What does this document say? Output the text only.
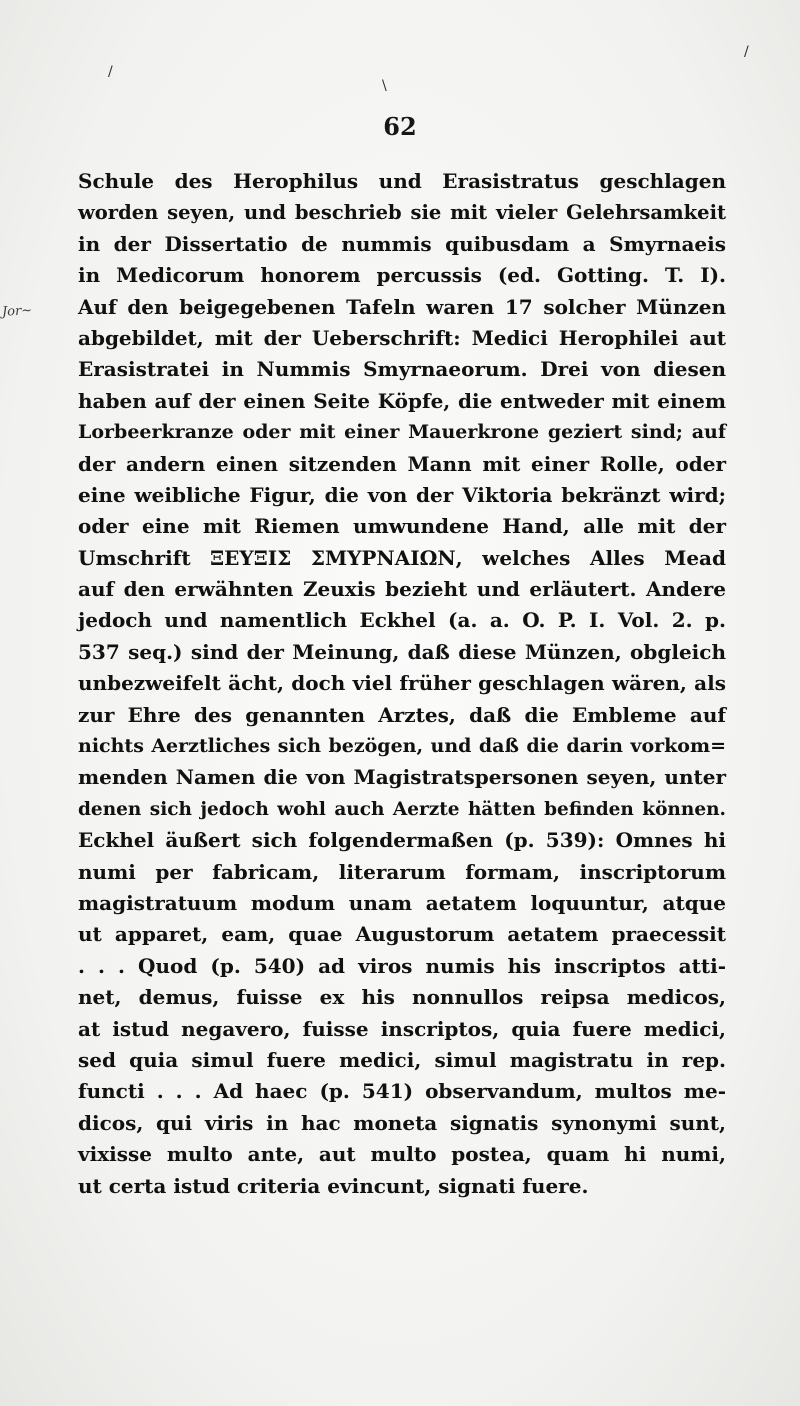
\
/
/
62
Jor~
Schule des Herophilus und Erasistratus geschlagen
worden seyen, und beschrieb sie mit vieler Gelehrsamkeit
in der Dissertatio de nummis quibusdam a Smyrnaeis
in Medicorum honorem percussis (ed. Gotting. T. I).
Auf den beigegebenen Tafeln waren 17 solcher Münzen
abgebildet, mit der Ueberschrift: Medici Herophilei aut
Erasistratei in Nummis Smyrnaeorum. Drei von diesen
haben auf der einen Seite Köpfe, die entweder mit einem
Lorbeerkranze oder mit einer Mauerkrone geziert sind; auf
der andern einen sitzenden Mann mit einer Rolle, oder
eine weibliche Figur, die von der Viktoria bekränzt wird;
oder eine mit Riemen umwundene Hand, alle mit der
Umschrift ΞΕΥΞΙΣ ΣΜΥΡΝΑΙΩΝ, welches Alles Mead
auf den erwähnten Zeuxis bezieht und erläutert. Andere
jedoch und namentlich Eckhel (a. a. O. P. I. Vol. 2. p.
537 seq.) sind der Meinung, daß diese Münzen, obgleich
unbezweifelt ächt, doch viel früher geschlagen wären, als
zur Ehre des genannten Arztes, daß die Embleme auf
nichts Aerztliches sich bezögen, und daß die darin vorkom=
menden Namen die von Magistratspersonen seyen, unter
denen sich jedoch wohl auch Aerzte hätten befinden können.
Eckhel äußert sich folgendermaßen (p. 539): Omnes hi
numi per fabricam, literarum formam, inscriptorum
magistratuum modum unam aetatem loquuntur, atque
ut apparet, eam, quae Augustorum aetatem praecessit
. . . Quod (p. 540) ad viros numis his inscriptos atti-
net, demus, fuisse ex his nonnullos reipsa medicos,
at istud negavero, fuisse inscriptos, quia fuere medici,
sed quia simul fuere medici, simul magistratu in rep.
functi . . . Ad haec (p. 541) observandum, multos me-
dicos, qui viris in hac moneta signatis synonymi sunt,
vixisse multo ante, aut multo postea, quam hi numi,
ut certa istud criteria evincunt, signati fuere.
